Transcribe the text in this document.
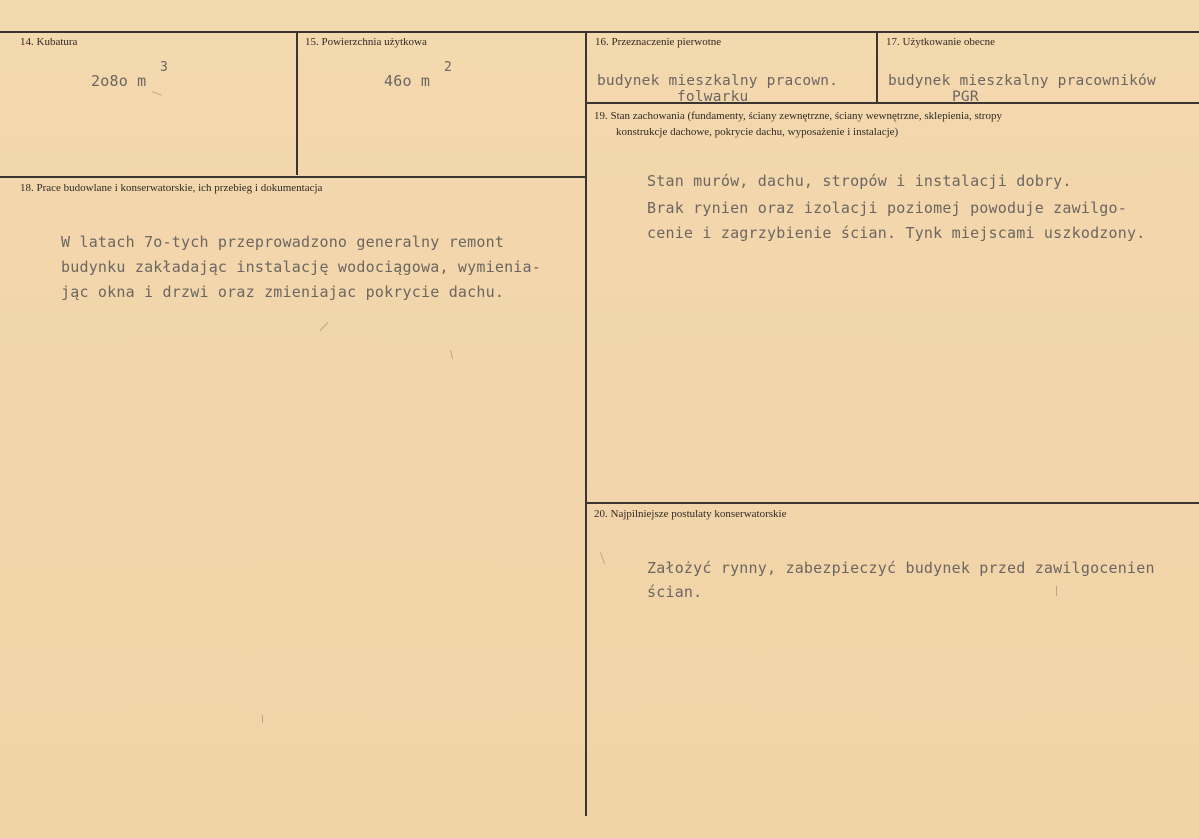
14. Kubatura
2o8o m
3
15. Powierzchnia użytkowa
46o m
2
16. Przeznaczenie pierwotne
budynek mieszkalny pracown.
folwarku
17. Użytkowanie obecne
budynek mieszkalny pracowników
PGR
19. Stan zachowania (fundamenty, ściany zewnętrzne, ściany wewnętrzne, sklepienia, stropy
konstrukcje dachowe, pokrycie dachu, wyposażenie i instalacje)
Stan murów, dachu, stropów i instalacji dobry.
Brak rynien oraz izolacji poziomej powoduje zawilgo-
cenie i zagrzybienie ścian. Tynk miejscami uszkodzony.
18. Prace budowlane i konserwatorskie, ich przebieg i dokumentacja
W latach 7o-tych przeprowadzono generalny remont
budynku zakładając instalację wodociągowa, wymienia-
jąc okna i drzwi oraz zmieniajac pokrycie dachu.
20. Najpilniejsze postulaty konserwatorskie
Założyć rynny, zabezpieczyć budynek przed zawilgocenien
ścian.
